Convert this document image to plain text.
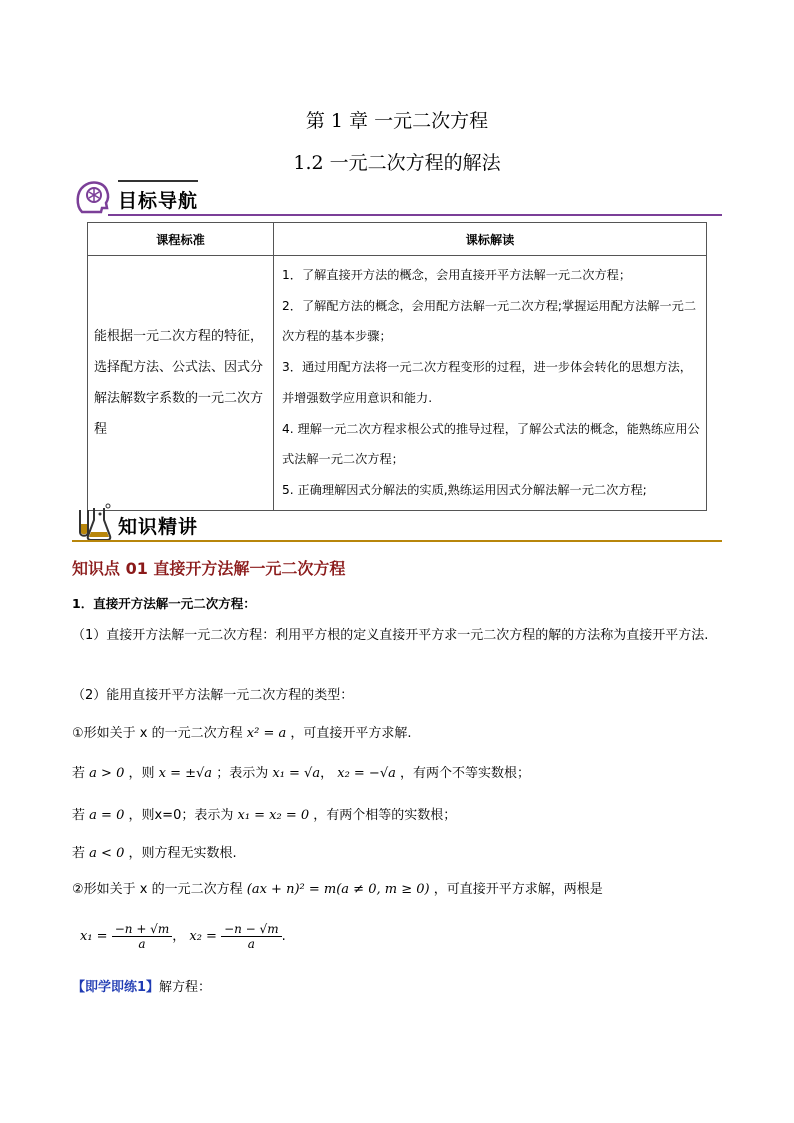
第 1 章 一元二次方程
1.2 一元二次方程的解法
目标导航
课程标准	课标解读
能根据一元二次方程的特征，选择配方法、公式法、因式分解法解数字系数的一元二次方程	1．了解直接开方法的概念，会用直接开平方法解一元二次方程；

2．了解配方法的概念，会用配方法解一元二次方程;掌握运用配方法解一元二次方程的基本步骤；

3．通过用配方法将一元二次方程变形的过程，进一步体会转化的思想方法，并增强数学应用意识和能力.

4. 理解一元二次方程求根公式的推导过程，了解公式法的概念，能熟练应用公式法解一元二次方程；

5. 正确理解因式分解法的实质,熟练运用因式分解法解一元二次方程;

知识精讲
知识点 01 直接开方法解一元二次方程
1．直接开方法解一元二次方程：
（1）直接开方法解一元二次方程：利用平方根的定义直接开平方求一元二次方程的解的方法称为直接开平方法.
（2）能用直接开平方法解一元二次方程的类型：
①形如关于 x 的一元二次方程 x² = a ，可直接开平方求解.
若 a > 0 ，则 x = ±√a ；表示为 x₁ = √a， x₂ = −√a ，有两个不等实数根；
若 a = 0 ，则x=0；表示为 x₁ = x₂ = 0 ，有两个相等的实数根；
若 a < 0 ，则方程无实数根.
②形如关于 x 的一元二次方程 (ax + n)² = m(a ≠ 0, m ≥ 0) ，可直接开平方求解，两根是
$x_1 = \frac{-n + √m}{a}$ ， $x_2 = \frac{-n - √m}{a}$ .
【即学即练1】解方程：
